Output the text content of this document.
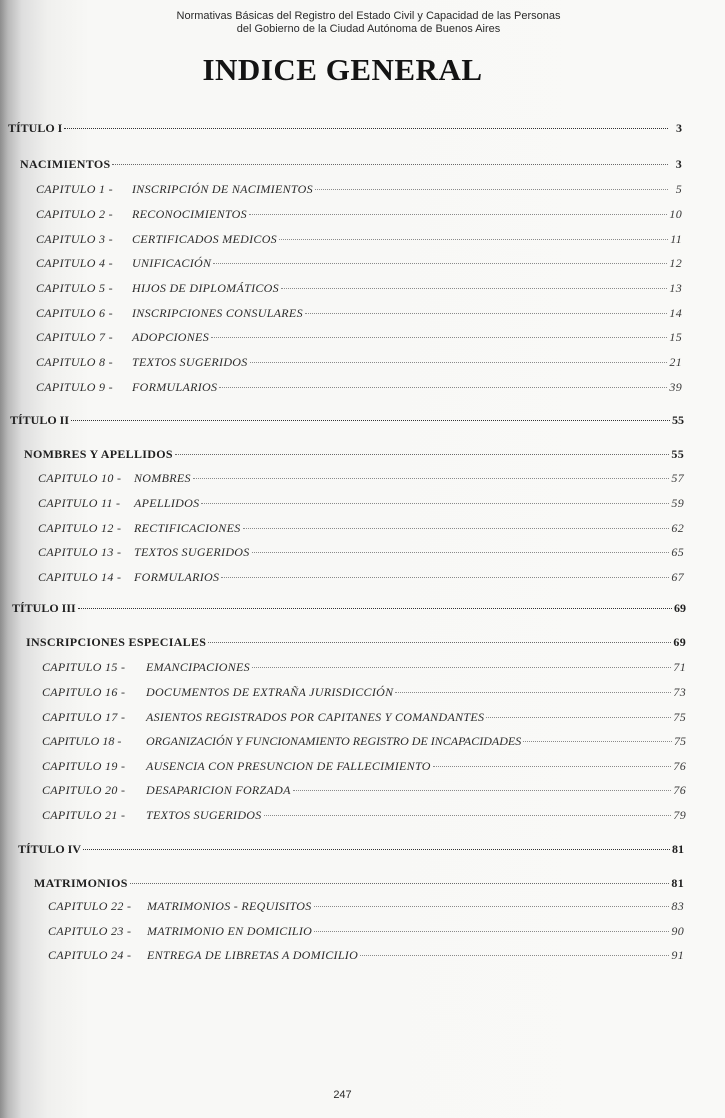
Normativas Básicas del Registro del Estado Civil y Capacidad de las Personas
del Gobierno de la Ciudad Autónoma de Buenos Aires
INDICE GENERAL
TÍTULO I	3
NACIMIENTOS	3
CAPITULO 1 -	INSCRIPCIÓN DE NACIMIENTOS	5
CAPITULO 2 -	RECONOCIMIENTOS	10
CAPITULO 3 -	CERTIFICADOS MEDICOS	11
CAPITULO 4 -	UNIFICACIÓN	12
CAPITULO 5 -	HIJOS DE DIPLOMÁTICOS	13
CAPITULO 6 -	INSCRIPCIONES CONSULARES	14
CAPITULO 7 -	ADOPCIONES	15
CAPITULO 8 -	TEXTOS SUGERIDOS	21
CAPITULO 9 -	FORMULARIOS	39
TÍTULO II	55
NOMBRES Y APELLIDOS	55
CAPITULO 10 -	NOMBRES	57
CAPITULO 11 -	APELLIDOS	59
CAPITULO 12 -	RECTIFICACIONES	62
CAPITULO 13 -	TEXTOS SUGERIDOS	65
CAPITULO 14 -	FORMULARIOS	67
TÍTULO III	69
INSCRIPCIONES ESPECIALES	69
CAPITULO 15 -	EMANCIPACIONES	71
CAPITULO 16 -	DOCUMENTOS DE EXTRAÑA JURISDICCIÓN	73
CAPITULO 17 -	ASIENTOS REGISTRADOS POR CAPITANES Y COMANDANTES	75
CAPITULO 18 -	ORGANIZACIÓN Y FUNCIONAMIENTO REGISTRO DE INCAPACIDADES	75
CAPITULO 19 -	AUSENCIA CON PRESUNCION DE FALLECIMIENTO	76
CAPITULO 20 -	DESAPARICION FORZADA	76
CAPITULO 21 -	TEXTOS SUGERIDOS	79
TÍTULO IV	81
MATRIMONIOS	81
CAPITULO 22 -	MATRIMONIOS - REQUISITOS	83
CAPITULO 23 -	MATRIMONIO EN DOMICILIO	90
CAPITULO 24 -	ENTREGA DE LIBRETAS A DOMICILIO	91
247
